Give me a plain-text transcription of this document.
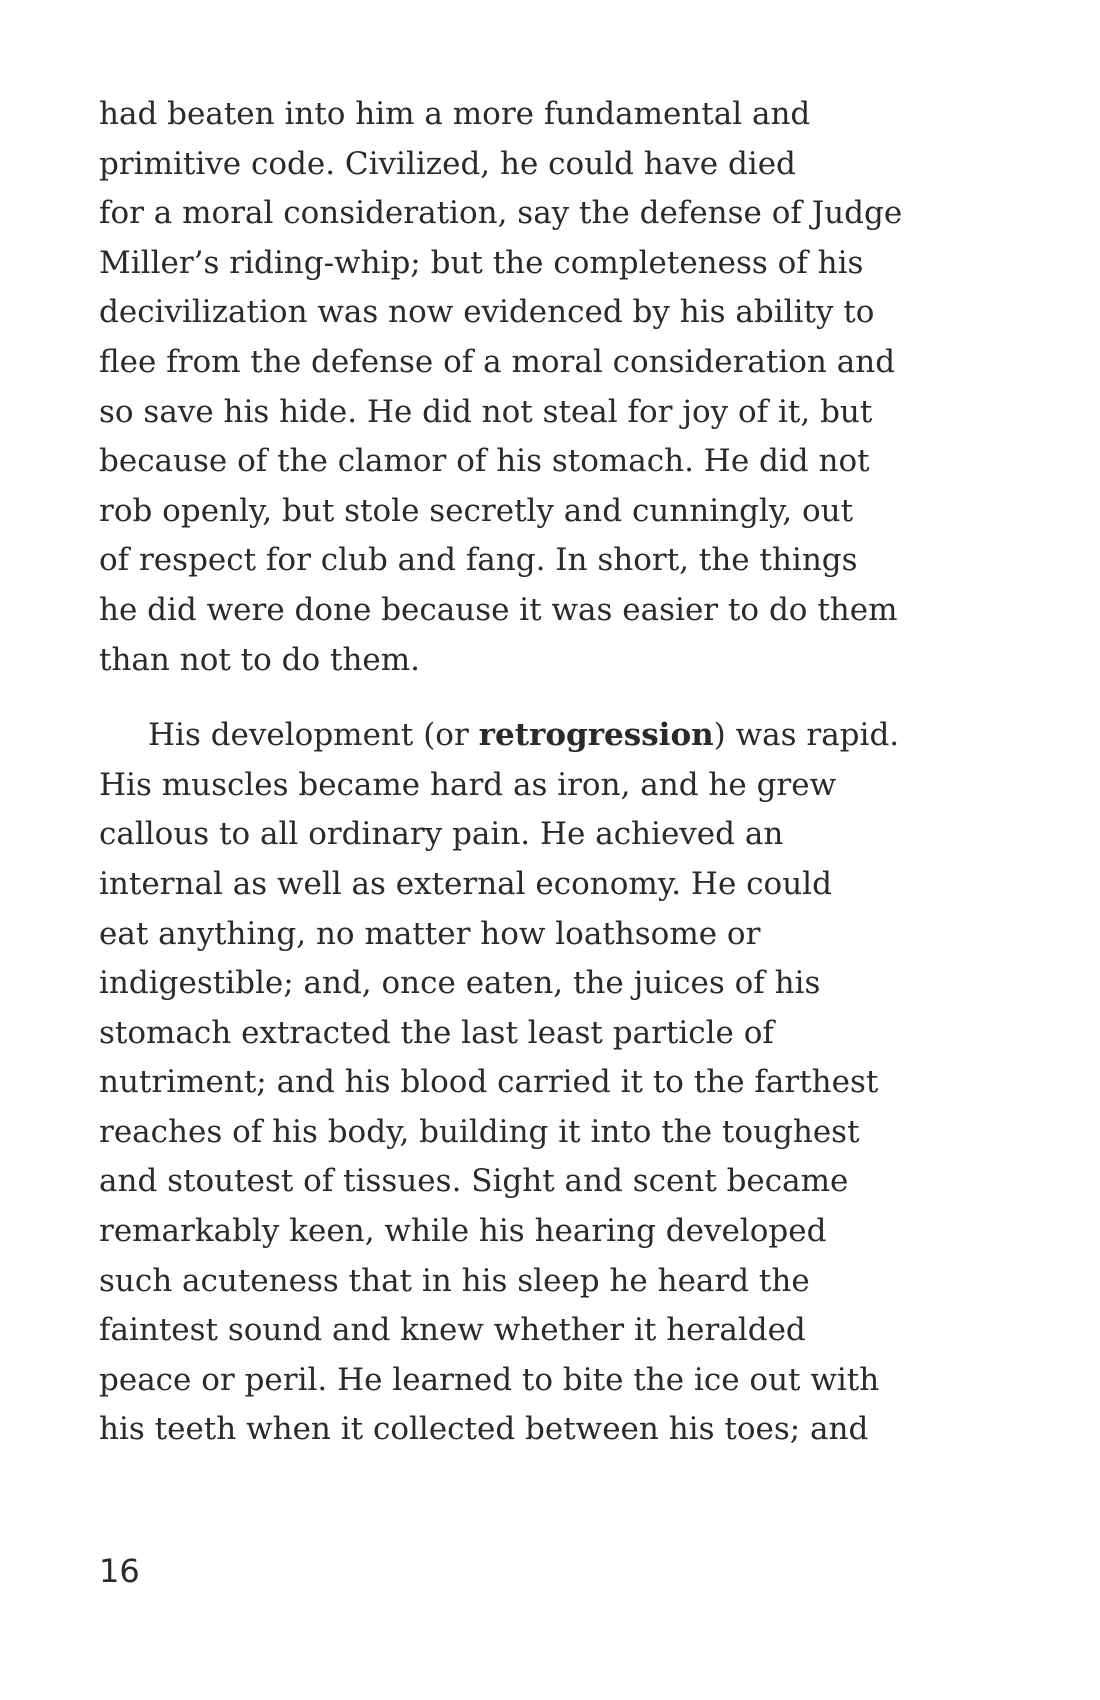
had beaten into him a more fundamental and
primitive code. Civilized, he could have died
for a moral consideration, say the defense of Judge
Miller’s riding-whip; but the completeness of his
decivilization was now evidenced by his ability to
flee from the defense of a moral consideration and
so save his hide. He did not steal for joy of it, but
because of the clamor of his stomach. He did not
rob openly, but stole secretly and cunningly, out
of respect for club and fang. In short, the things
he did were done because it was easier to do them
than not to do them.
His development (or retrogression) was rapid.
His muscles became hard as iron, and he grew
callous to all ordinary pain. He achieved an
internal as well as external economy. He could
eat anything, no matter how loathsome or
indigestible; and, once eaten, the juices of his
stomach extracted the last least particle of
nutriment; and his blood carried it to the farthest
reaches of his body, building it into the toughest
and stoutest of tissues. Sight and scent became
remarkably keen, while his hearing developed
such acuteness that in his sleep he heard the
faintest sound and knew whether it heralded
peace or peril. He learned to bite the ice out with
his teeth when it collected between his toes; and
16
